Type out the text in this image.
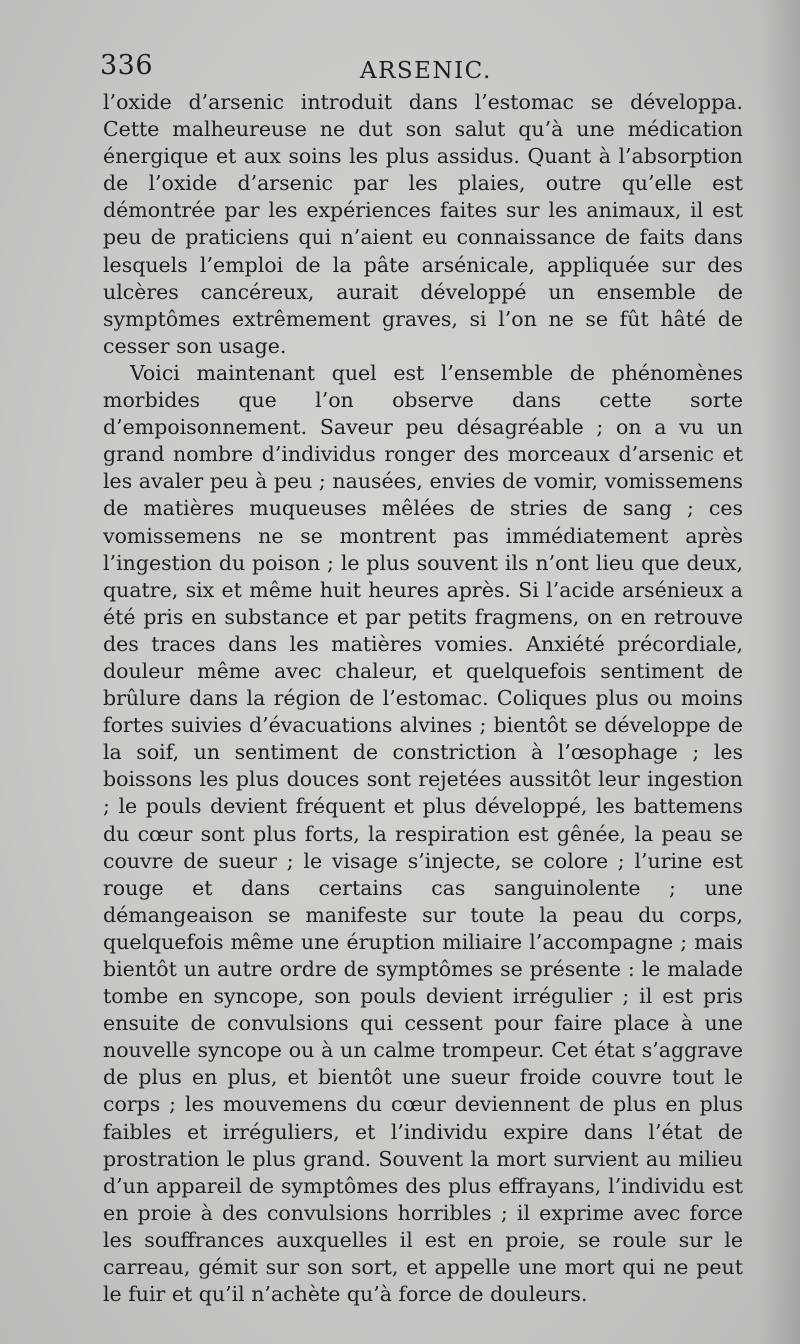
336	ARSENIC.

l’oxide d’arsenic introduit dans l’estomac se développa. Cette malheureuse ne dut son salut qu’à une médication énergique et aux soins les plus assidus. Quant à l’absorption de l’oxide d’arsenic par les plaies, outre qu’elle est démontrée par les expériences faites sur les animaux, il est peu de praticiens qui n’aient eu connaissance de faits dans lesquels l’emploi de la pâte arsénicale, appliquée sur des ulcères cancéreux, aurait développé un ensemble de symptômes extrêmement graves, si l’on ne se fût hâté de cesser son usage.

Voici maintenant quel est l’ensemble de phénomènes morbides que l’on observe dans cette sorte d’empoisonnement. Saveur peu désagréable ; on a vu un grand nombre d’individus ronger des morceaux d’arsenic et les avaler peu à peu ; nausées, envies de vomir, vomissemens de matières muqueuses mêlées de stries de sang ; ces vomissemens ne se montrent pas immédiatement après l’ingestion du poison ; le plus souvent ils n’ont lieu que deux, quatre, six et même huit heures après. Si l’acide arsénieux a été pris en substance et par petits fragmens, on en retrouve des traces dans les matières vomies. Anxiété précordiale, douleur même avec chaleur, et quelquefois sentiment de brûlure dans la région de l’estomac. Coliques plus ou moins fortes suivies d’évacuations alvines ; bientôt se développe de la soif, un sentiment de constriction à l’œsophage ; les boissons les plus douces sont rejetées aussitôt leur ingestion ; le pouls devient fréquent et plus développé, les battemens du cœur sont plus forts, la respiration est gênée, la peau se couvre de sueur ; le visage s’injecte, se colore ; l’urine est rouge et dans certains cas sanguinolente ; une démangeaison se manifeste sur toute la peau du corps, quelquefois même une éruption miliaire l’accompagne ; mais bientôt un autre ordre de symptômes se présente : le malade tombe en syncope, son pouls devient irrégulier ; il est pris ensuite de convulsions qui cessent pour faire place à une nouvelle syncope ou à un calme trompeur. Cet état s’aggrave de plus en plus, et bientôt une sueur froide couvre tout le corps ; les mouvemens du cœur deviennent de plus en plus faibles et irréguliers, et l’individu expire dans l’état de prostration le plus grand. Souvent la mort survient au milieu d’un appareil de symptômes des plus effrayans, l’individu est en proie à des convulsions horribles ; il exprime avec force les souffrances auxquelles il est en proie, se roule sur le carreau, gémit sur son sort, et appelle une mort qui ne peut le fuir et qu’il n’achète qu’à force de douleurs.
